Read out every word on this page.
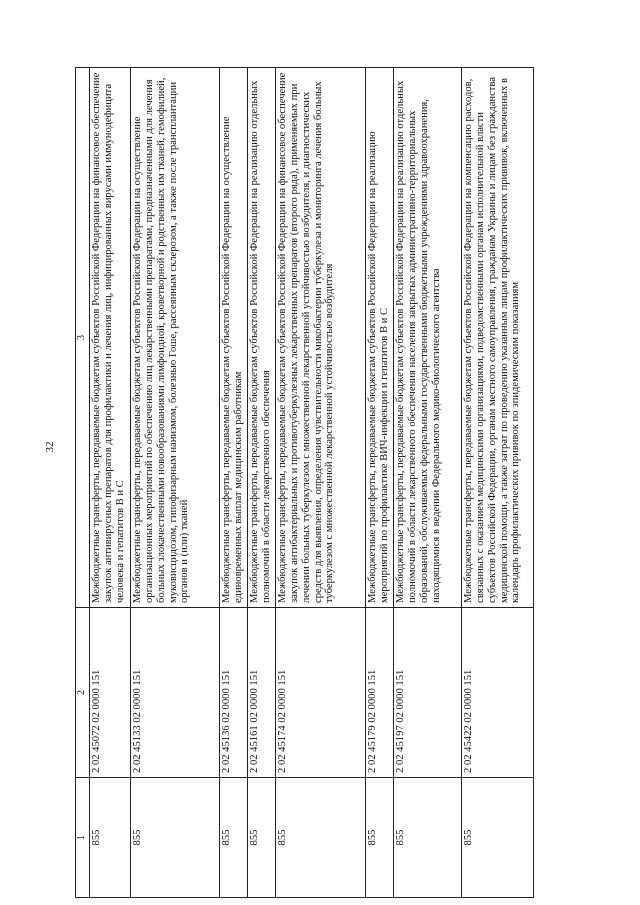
32
1	2	3
855	2 02 45072 02 0000 151	Межбюджетные трансферты, передаваемые бюджетам субъектов Российской Федерации на финансовое обеспечение закупок антивирусных препаратов для профилактики и лечения лиц, инфицированных вирусами иммунодефицита человека и гепатитов В и С
855	2 02 45133 02 0000 151	Межбюджетные трансферты, передаваемые бюджетам субъектов Российской Федерации на осуществление организационных мероприятий по обеспечению лиц лекарственными препаратами, предназначенными для лечения больных злокачественными новообразованиями лимфоидной, кроветворной и родственных им тканей, гемофилией, муковисцидозом, гипофизарным нанизмом, болезнью Гоше, рассеянным склерозом, а также после трансплантации органов и (или) тканей
855	2 02 45136 02 0000 151	Межбюджетные трансферты, передаваемые бюджетам субъектов Российской Федерации на осуществление единовременных выплат медицинским работникам
855	2 02 45161 02 0000 151	Межбюджетные трансферты, передаваемые бюджетам субъектов Российской Федерации на реализацию отдельных полномочий в области лекарственного обеспечения
855	2 02 45174 02 0000 151	Межбюджетные трансферты, передаваемые бюджетам субъектов Российской Федерации на финансовое обеспечение закупок антибактериальных и противотуберкулезных лекарственных препаратов (второго ряда), применяемых при лечении больных туберкулезом с множественной лекарственной устойчивостью возбудителя, и диагностических средств для выявления, определения чувствительности микобактерии туберкулеза и мониторинга лечения больных туберкулезом с множественной лекарственной устойчивостью возбудителя
855	2 02 45179 02 0000 151	Межбюджетные трансферты, передаваемые бюджетам субъектов Российской Федерации на реализацию мероприятий по профилактике ВИЧ-инфекции и гепатитов В и С
855	2 02 45197 02 0000 151	Межбюджетные трансферты, передаваемые бюджетам субъектов Российской Федерации на реализацию отдельных полномочий в области лекарственного обеспечения населения закрытых административно-территориальных образований, обслуживаемых федеральными государственными бюджетными учреждениями здравоохранения, находящимися в ведении Федерального медико-биологического агентства
855	2 02 45422 02 0000 151	Межбюджетные трансферты, передаваемые бюджетам субъектов Российской Федерации на компенсацию расходов, связанных с оказанием медицинскими организациями, подведомственными органам исполнительной власти субъектов Российской Федерации, органам местного самоуправления, гражданам Украины и лицам без гражданства медицинской помощи, а также затрат по проведению указанным лицам профилактических прививок, включенных в календарь профилактических прививок по эпидемическим показаниям
